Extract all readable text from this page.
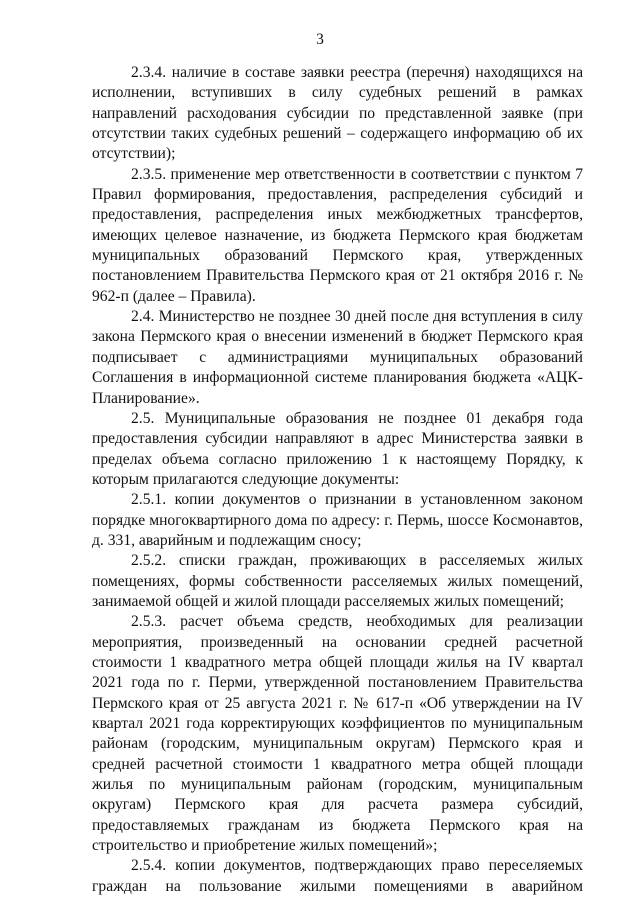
3

2.3.4. наличие в составе заявки реестра (перечня) находящихся на исполнении, вступивших в силу судебных решений в рамках направлений расходования субсидии по представленной заявке (при отсутствии таких судебных решений – содержащего информацию об их отсутствии);

2.3.5. применение мер ответственности в соответствии с пунктом 7 Правил формирования, предоставления, распределения субсидий и предоставления, распределения иных межбюджетных трансфертов, имеющих целевое назначение, из бюджета Пермского края бюджетам муниципальных образований Пермского края, утвержденных постановлением Правительства Пермского края от 21 октября 2016 г. № 962-п (далее – Правила).

2.4. Министерство не позднее 30 дней после дня вступления в силу закона Пермского края о внесении изменений в бюджет Пермского края подписывает с администрациями муниципальных образований Соглашения в информационной системе планирования бюджета «АЦК-Планирование».

2.5. Муниципальные образования не позднее 01 декабря года предоставления субсидии направляют в адрес Министерства заявки в пределах объема согласно приложению 1 к настоящему Порядку, к которым прилагаются следующие документы:

2.5.1. копии документов о признании в установленном законом порядке многоквартирного дома по адресу: г. Пермь, шоссе Космонавтов, д. 331, аварийным и подлежащим сносу;

2.5.2. списки граждан, проживающих в расселяемых жилых помещениях, формы собственности расселяемых жилых помещений, занимаемой общей и жилой площади расселяемых жилых помещений;

2.5.3. расчет объема средств, необходимых для реализации мероприятия, произведенный на основании средней расчетной стоимости 1 квадратного метра общей площади жилья на IV квартал 2021 года по г. Перми, утвержденной постановлением Правительства Пермского края от 25 августа 2021 г. № 617-п «Об утверждении на IV квартал 2021 года корректирующих коэффициентов по муниципальным районам (городским, муниципальным округам) Пермского края и средней расчетной стоимости 1 квадратного метра общей площади жилья по муниципальным районам (городским, муниципальным округам) Пермского края для расчета размера субсидий, предоставляемых гражданам из бюджета Пермского края на строительство и приобретение жилых помещений»;

2.5.4. копии документов, подтверждающих право переселяемых граждан на пользование жилыми помещениями в аварийном
